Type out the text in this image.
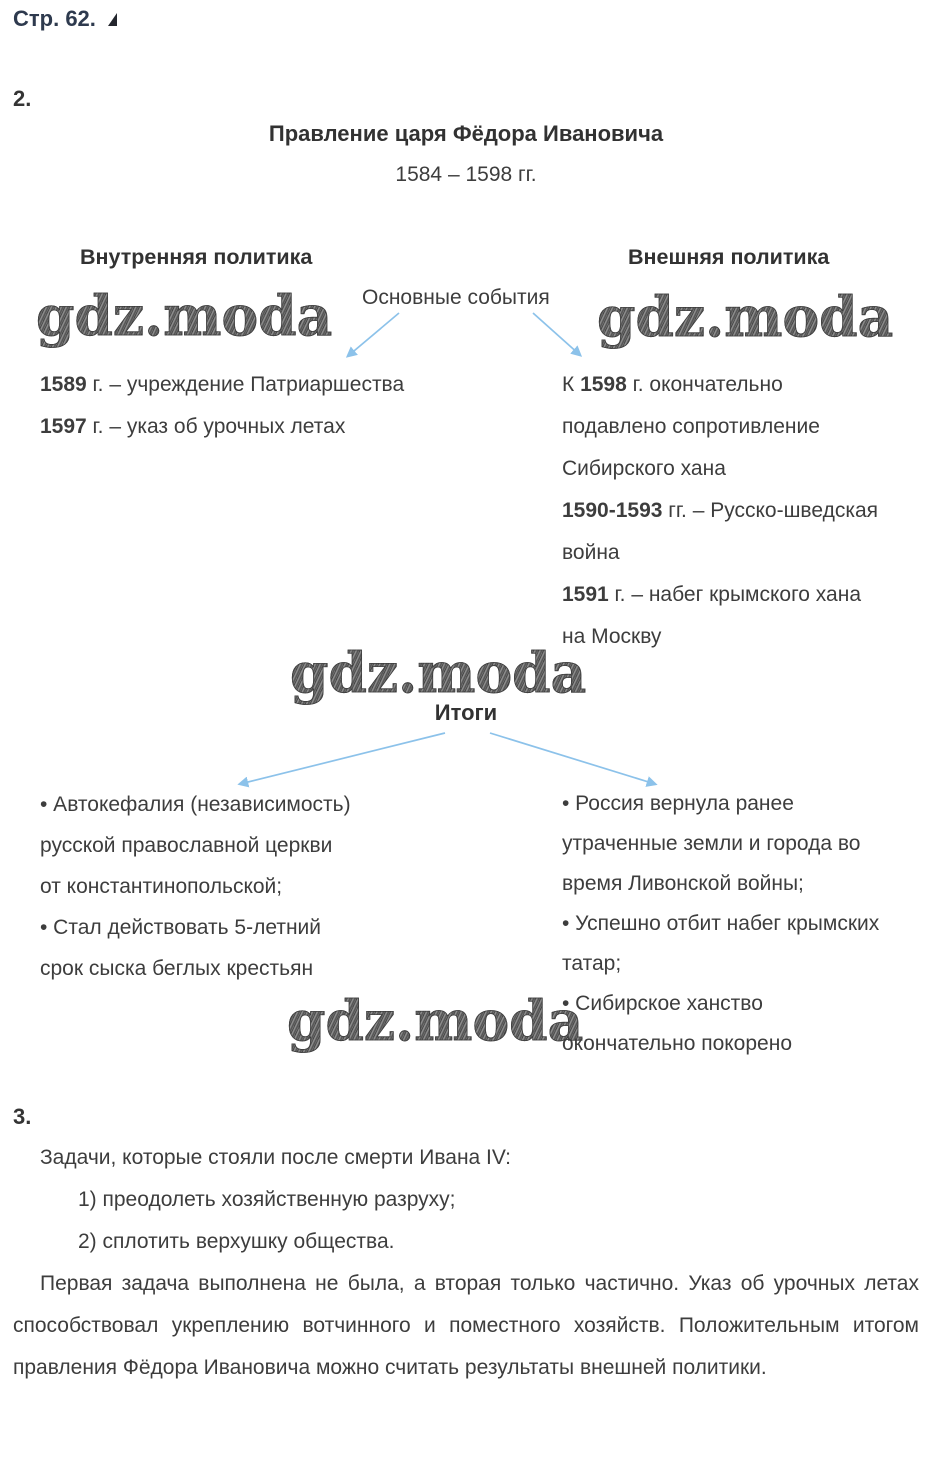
Стр. 62.
2.
Правление царя Фёдора Ивановича
1584 – 1598 гг.
Внутренняя политика	Внешняя политика
Основные события
gdz.moda	gdz.moda
gdz.moda
gdz.moda
1589 г. – учреждение Патриаршества
1597 г. – указ об урочных летах
К 1598 г. окончательно
подавлено сопротивление
Сибирского хана
1590-1593 гг. – Русско-шведская
война
1591 г. – набег крымского хана
на Москву
Итоги
• Автокефалия (независимость)
русской православной церкви
от константинопольской;
• Стал действовать 5-летний
срок сыска беглых крестьян
• Россия вернула ранее
утраченные земли и города во
время Ливонской войны;
• Успешно отбит набег крымских
татар;
• Сибирское ханство
окончательно покорено
3.
Задачи, которые стояли после смерти Ивана IV:
1) преодолеть хозяйственную разруху;
2) сплотить верхушку общества.
Первая задача выполнена не была, а вторая только частично. Указ об урочных летах способствовал укреплению вотчинного и поместного хозяйств. Положительным итогом правления Фёдора Ивановича можно считать результаты внешней политики.
